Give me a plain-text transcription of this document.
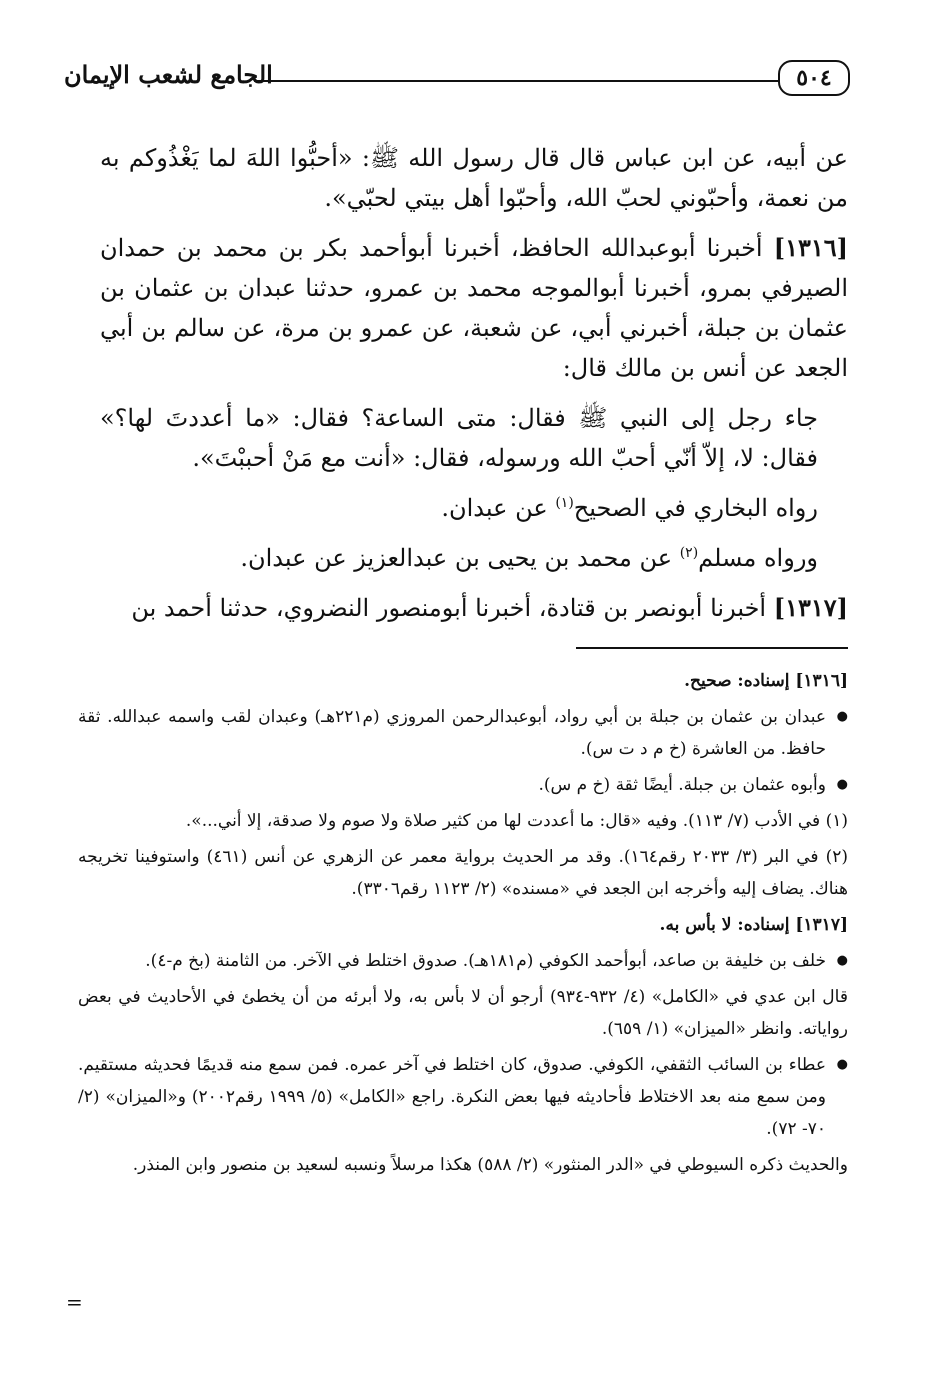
٥٠٤
الجامع لشعب الإيمان

عن أبيه، عن ابن عباس قال قال رسول الله ﷺ: «أحبُّوا اللهَ لما يَغْذُوكم به من نعمة، وأحبّوني لحبّ الله، وأحبّوا أهل بيتي لحبّي».

[١٣١٦] أخبرنا أبوعبدالله الحافظ، أخبرنا أبوأحمد بكر بن محمد بن حمدان الصيرفي بمرو، أخبرنا أبوالموجه محمد بن عمرو، حدثنا عبدان بن عثمان بن عثمان بن جبلة، أخبرني أبي، عن شعبة، عن عمرو بن مرة، عن سالم بن أبي الجعد عن أنس بن مالك قال:

جاء رجل إلى النبي ﷺ فقال: متى الساعة؟ فقال: «ما أعددتَ لها؟» فقال: لا، إلاّ أنّي أحبّ الله ورسوله، فقال: «أنت مع مَنْ أحببْتَ».

رواه البخاري في الصحيح$^{(١)}$ عن عبدان.

ورواه مسلم$^{(٢)}$ عن محمد بن يحيى بن عبدالعزيز عن عبدان.

[١٣١٧] أخبرنا أبونصر بن قتادة، أخبرنا أبومنصور النضروي، حدثنا أحمد بن

[١٣١٦] إسناده: صحيح.

● عبدان بن عثمان بن جبلة بن أبي رواد، أبوعبدالرحمن المروزي (م٢٢١هـ) وعبدان لقب واسمه عبدالله. ثقة حافظ. من العاشرة (خ م د ت س).

● وأبوه عثمان بن جبلة. أيضًا ثقة (خ م س).

(١) في الأدب (٧/ ١١٣). وفيه «قال: ما أعددت لها من كثير صلاة ولا صوم ولا صدقة، إلا أني...».

(٢) في البر (٣/ ٢٠٣٣ رقم١٦٤). وقد مر الحديث برواية معمر عن الزهري عن أنس (٤٦١) واستوفينا تخريجه هناك. يضاف إليه وأخرجه ابن الجعد في «مسنده» (٢/ ١١٢٣ رقم٣٣٠٦).

[١٣١٧] إسناده: لا بأس به.

● خلف بن خليفة بن صاعد، أبوأحمد الكوفي (م١٨١هـ). صدوق اختلط في الآخر. من الثامنة (بخ م-٤).

قال ابن عدي في «الكامل» (٤/ ٩٣٢-٩٣٤) أرجو أن لا بأس به، ولا أبرئه من أن يخطئ في الأحاديث في بعض رواياته. وانظر «الميزان» (١/ ٦٥٩).

● عطاء بن السائب الثقفي، الكوفي. صدوق، كان اختلط في آخر عمره. فمن سمع منه قديمًا فحديثه مستقيم. ومن سمع منه بعد الاختلاط فأحاديثه فيها بعض النكرة. راجع «الكامل» (٥/ ١٩٩٩ رقم٢٠٠٢) و«الميزان» (٢/ ٧٠- ٧٢).

والحديث ذكره السيوطي في «الدر المنثور» (٢/ ٥٨٨) هكذا مرسلاً ونسبه لسعيد بن منصور وابن المنذر.

=
